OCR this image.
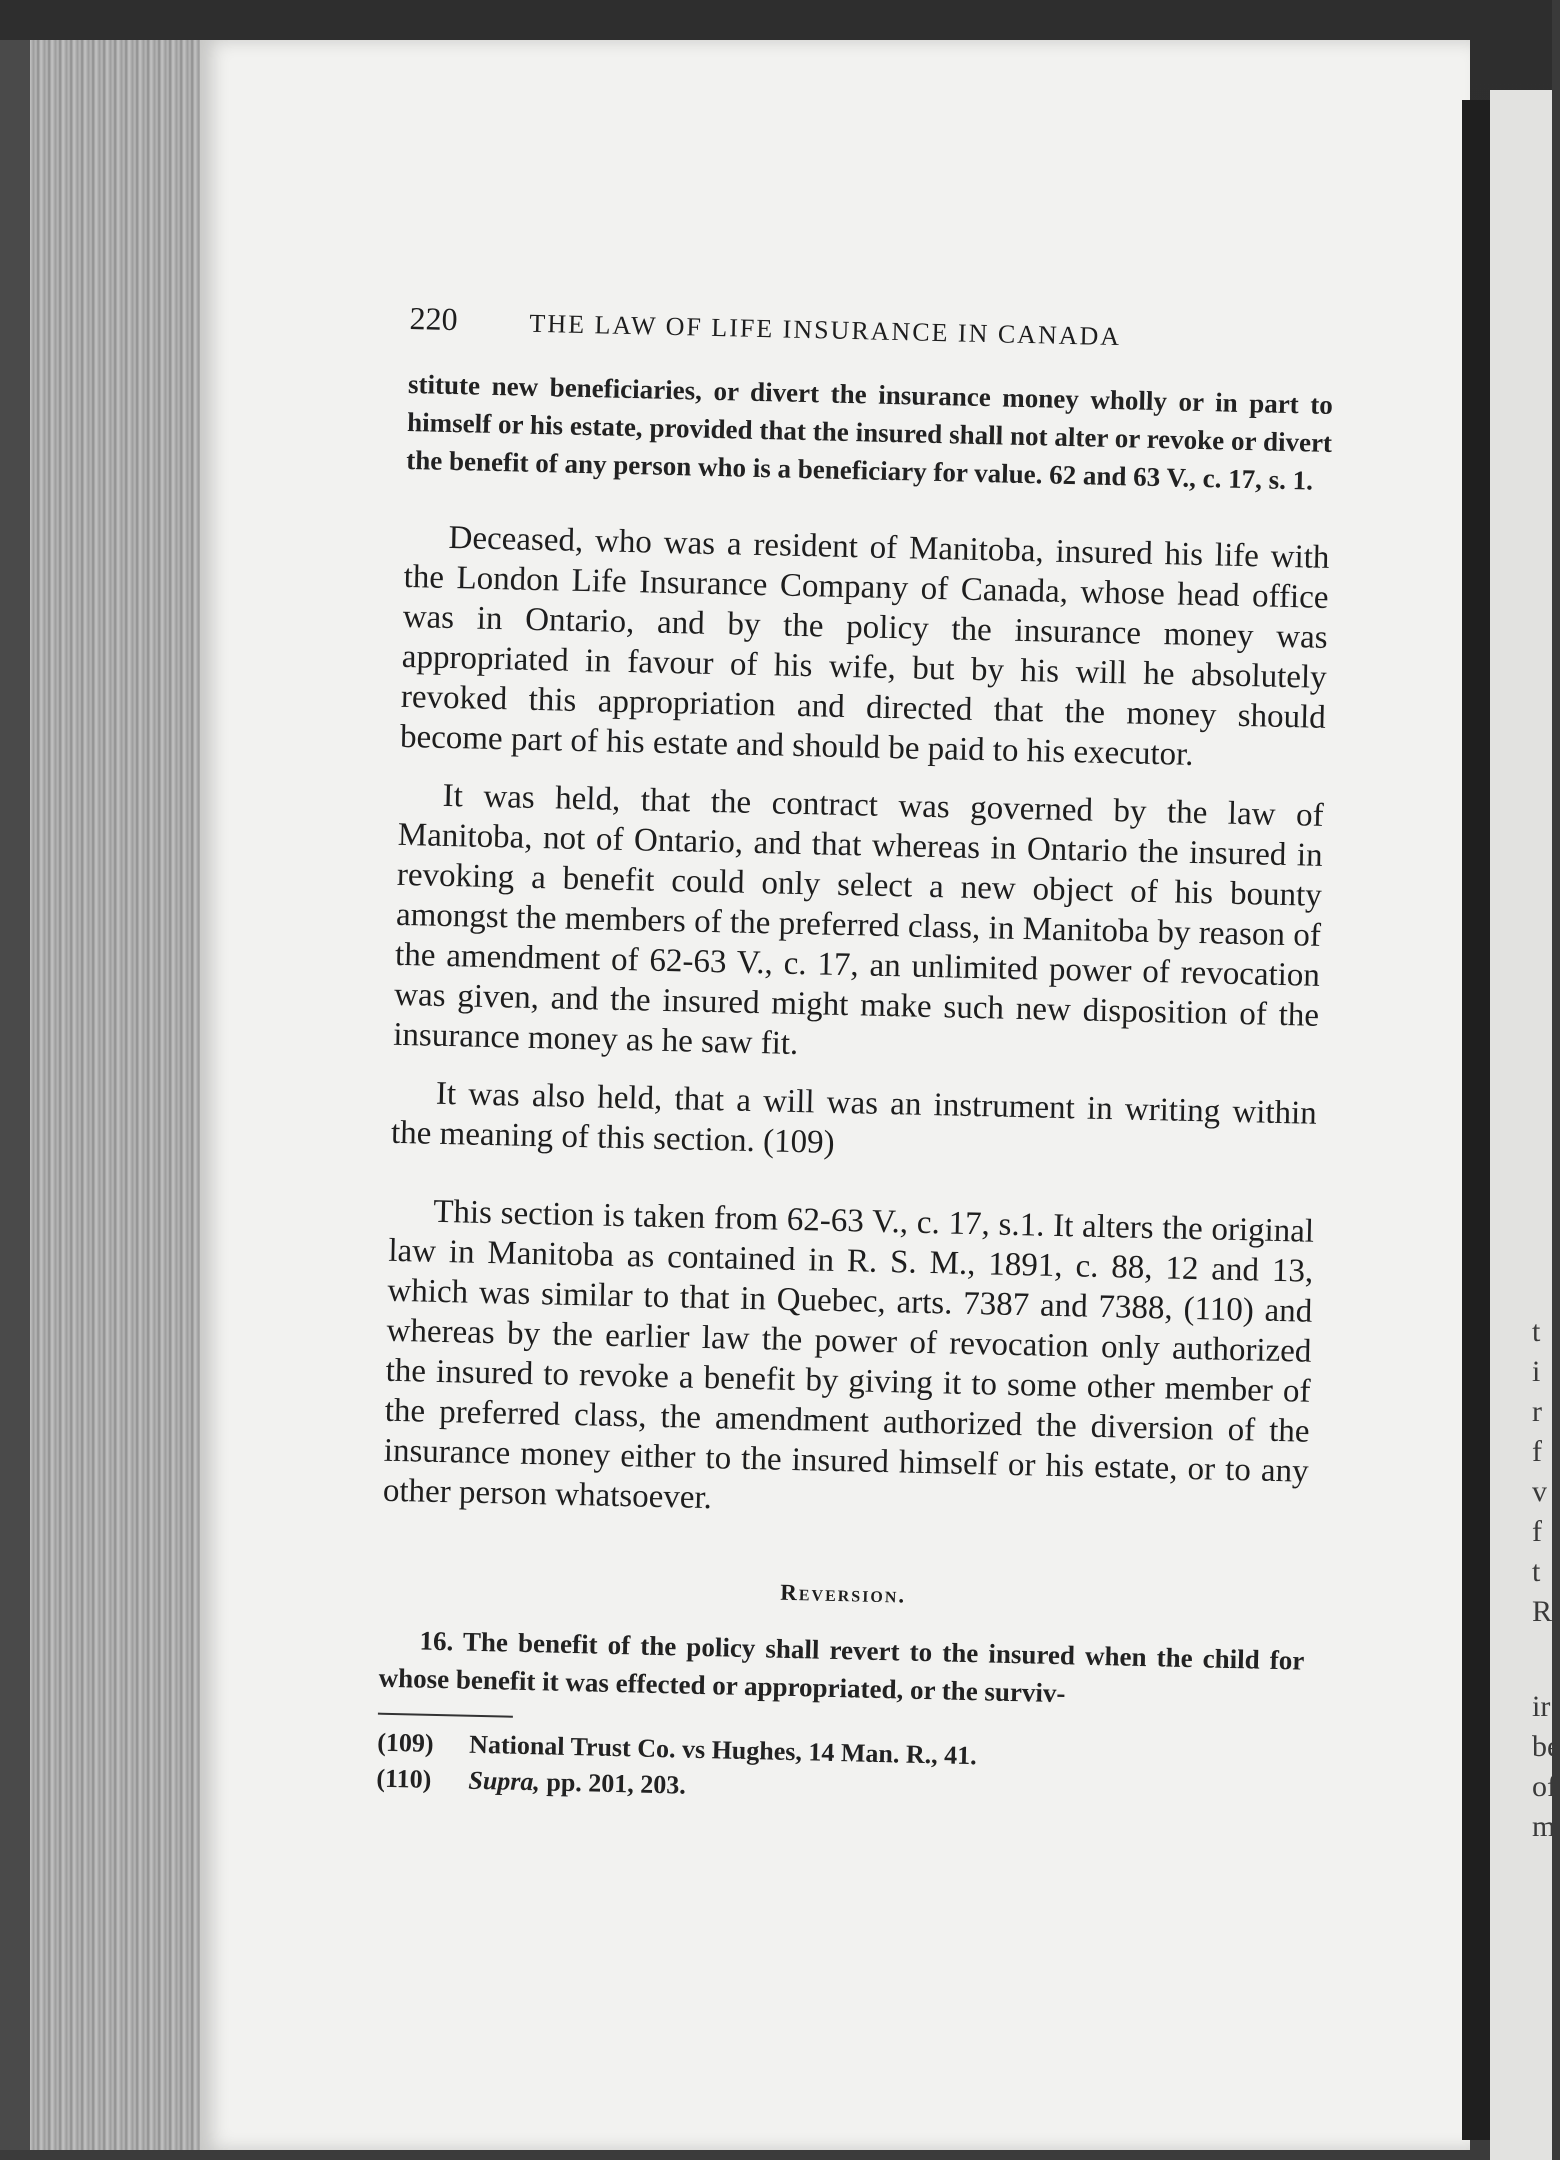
t
i
r
f
v
f
t
R
ir
be
of
m
220	THE LAW OF LIFE INSURANCE IN CANADA

stitute new beneficiaries, or divert the insurance money wholly or in part to himself or his estate, provided that the insured shall not alter or revoke or divert the benefit of any person who is a beneficiary for value. 62 and 63 V., c. 17, s. 1.

Deceased, who was a resident of Manitoba, insured his life with the London Life Insurance Company of Canada, whose head office was in Ontario, and by the policy the insurance money was appropriated in favour of his wife, but by his will he absolutely revoked this appropriation and directed that the money should become part of his estate and should be paid to his executor.

It was held, that the contract was governed by the law of Manitoba, not of Ontario, and that whereas in Ontario the insured in revoking a benefit could only select a new object of his bounty amongst the members of the preferred class, in Manitoba by reason of the amendment of 62-63 V., c. 17, an unlimited power of revocation was given, and the insured might make such new disposition of the insurance money as he saw fit.

It was also held, that a will was an instrument in writing within the meaning of this section. (109)

This section is taken from 62-63 V., c. 17, s.1. It alters the original law in Manitoba as contained in R. S. M., 1891, c. 88, 12 and 13, which was similar to that in Quebec, arts. 7387 and 7388, (110) and whereas by the earlier law the power of revocation only authorized the insured to revoke a benefit by giving it to some other member of the preferred class, the amendment authorized the diversion of the insurance money either to the insured himself or his estate, or to any other person whatsoever.

Reversion.

16. The benefit of the policy shall revert to the insured when the child for whose benefit it was effected or appropriated, or the surviv-

(109) National Trust Co. vs Hughes, 14 Man. R., 41.
(110) Supra, pp. 201, 203.
